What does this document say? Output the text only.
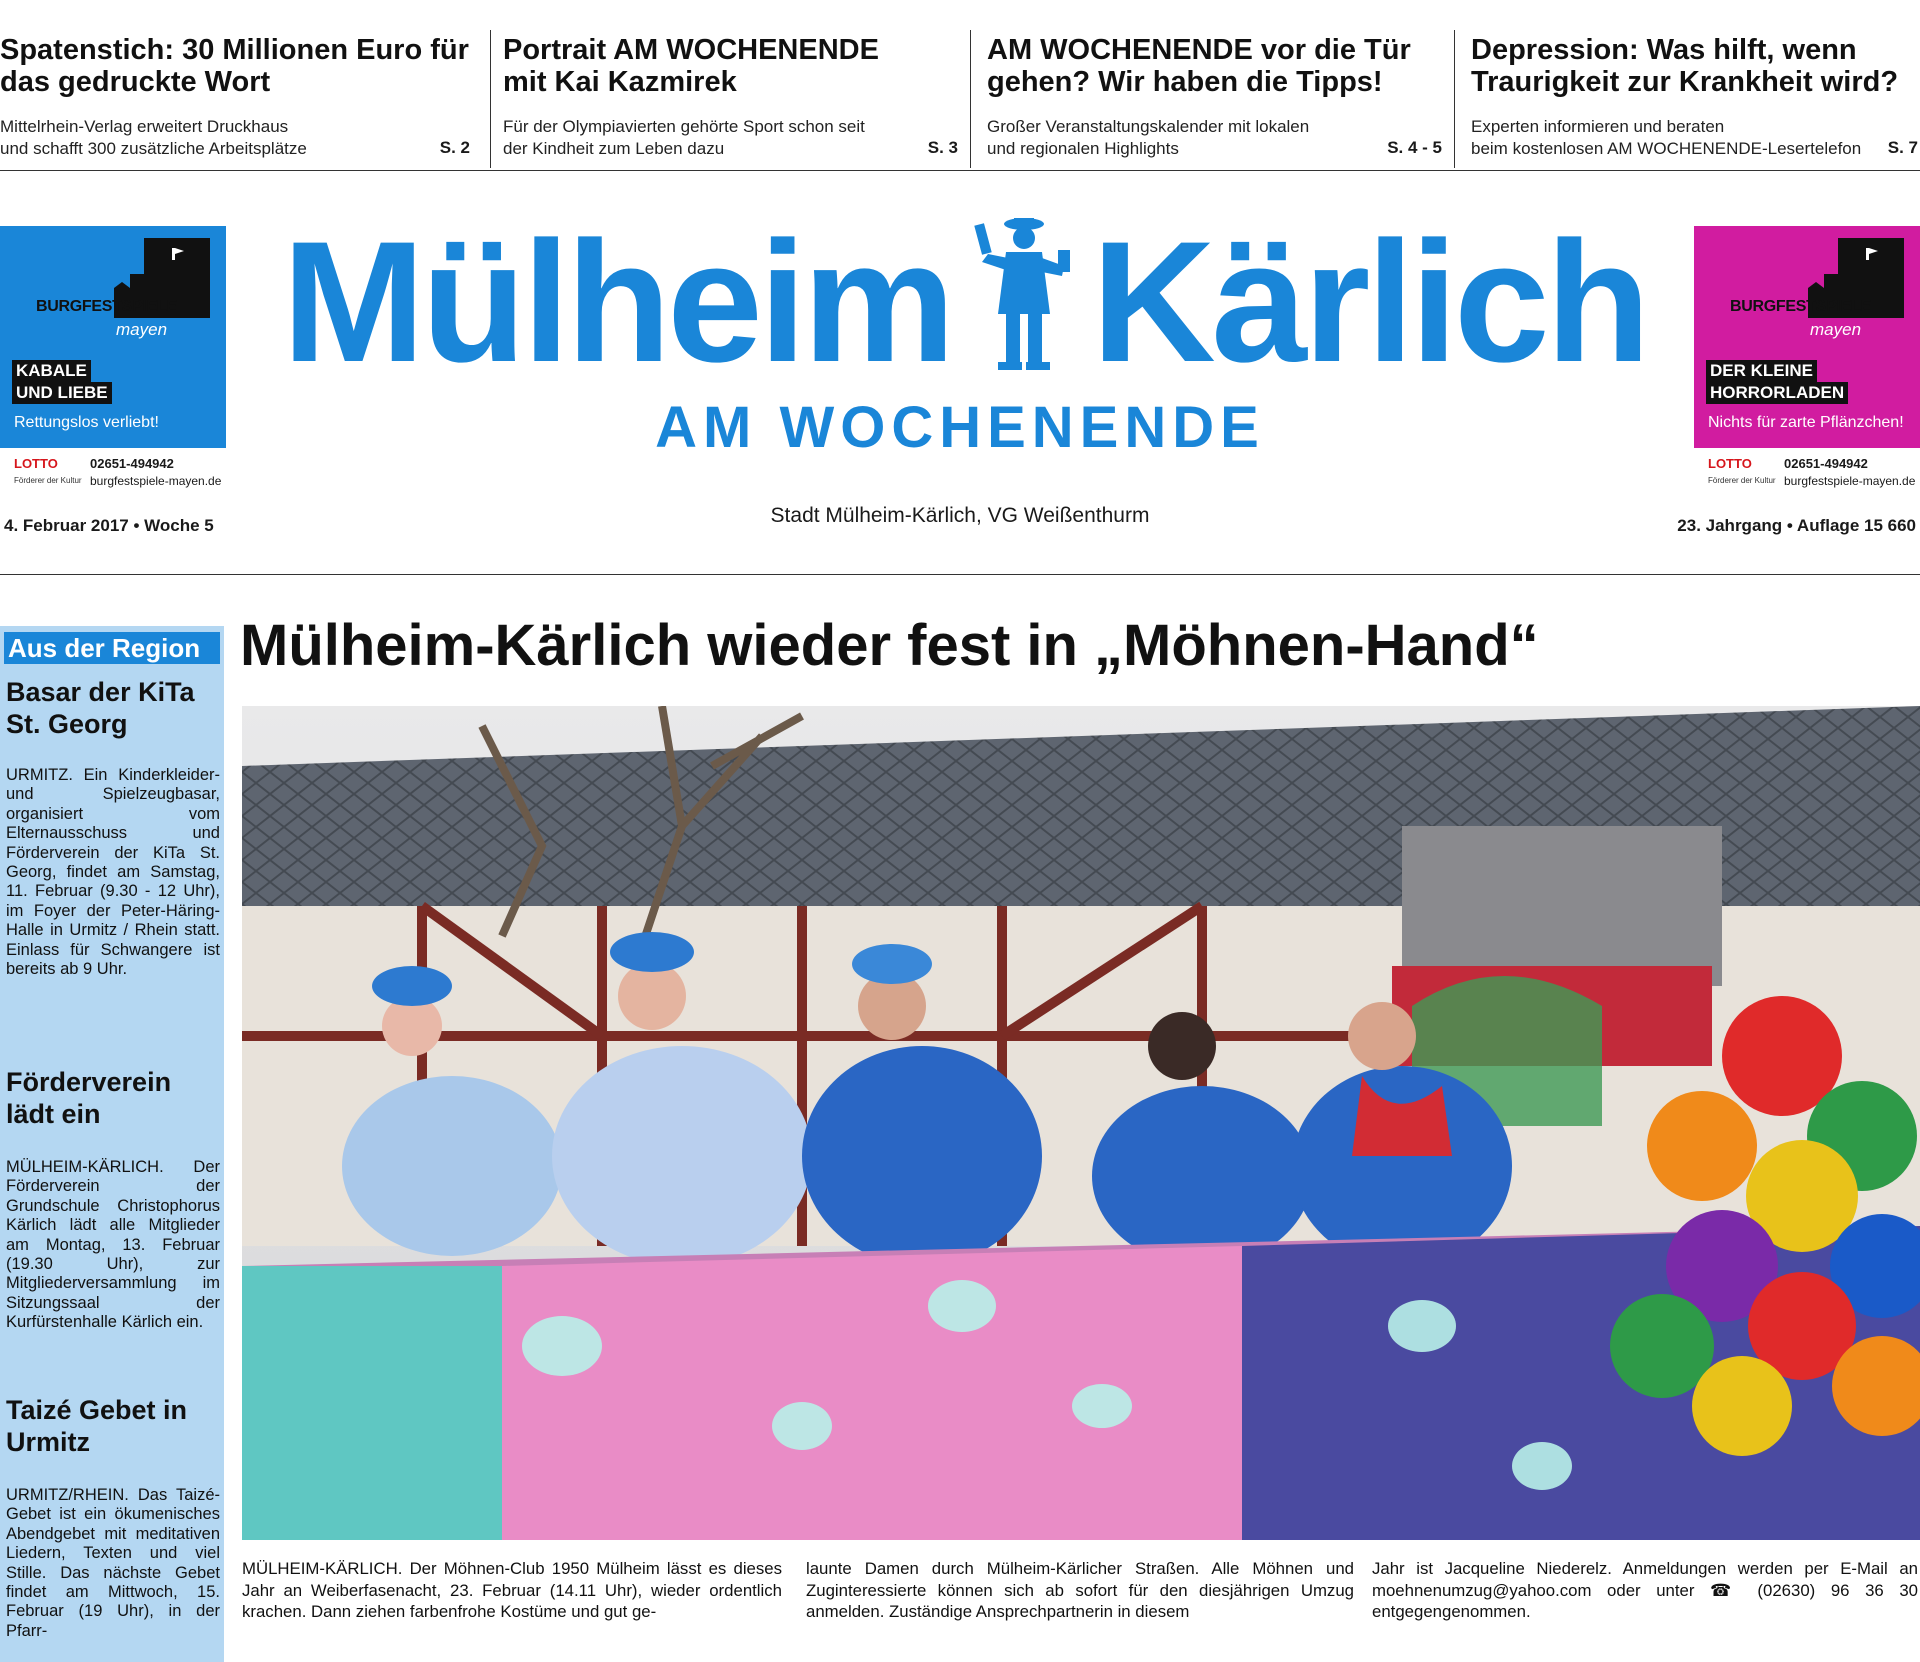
Spatenstich: 30 Millionen Euro für das gedruckte Wort
Mittelrhein-Verlag erweitert Druckhaus
und schafft 300 zusätzliche Arbeitsplätze	S. 2
Portrait AM WOCHENENDE mit Kai Kazmirek
Für der Olympiavierten gehörte Sport schon seit
der Kindheit zum Leben dazu	S. 3
AM WOCHENENDE vor die Tür gehen? Wir haben die Tipps!
Großer Veranstaltungskalender mit lokalen
und regionalen Highlights	S. 4 - 5
Depression: Was hilft, wenn Traurigkeit zur Krankheit wird?
Experten informieren und beraten
beim kostenlosen AM WOCHENENDE-Lesertelefon S. 7
BURGFESTSPIELE
mayen
KABALE
UND LIEBE
Rettungslos verliebt!
LOTTO
Förderer der Kultur
02651-494942
burgfestspiele-mayen.de
BURGFESTSPIELE
mayen
DER KLEINE
HORRORLADEN
Nichts für zarte Pflänzchen!
LOTTO
Förderer der Kultur
02651-494942
burgfestspiele-mayen.de
Mülheim Kärlich
AM WOCHENENDE
4. Februar 2017 • Woche 5	Stadt Mülheim-Kärlich, VG Weißenthurm	23. Jahrgang • Auflage 15 660
Aus der Region
Basar der KiTa St. Georg
URMITZ. Ein Kinderkleider- und Spielzeugbasar, organisiert vom Elternausschuss und Förderverein der KiTa St. Georg, findet am Samstag, 11. Februar (9.30 - 12 Uhr), im Foyer der Peter-Häring-Halle in Urmitz / Rhein statt. Einlass für Schwangere ist bereits ab 9 Uhr.
Förderverein lädt ein
MÜLHEIM-KÄRLICH. Der Förderverein der Grundschule Christophorus Kärlich lädt alle Mitglieder am Montag, 13. Februar (19.30 Uhr), zur Mitgliederversammlung im Sitzungssaal der Kurfürstenhalle Kärlich ein.
Taizé Gebet in Urmitz
URMITZ/RHEIN. Das Taizé-Gebet ist ein ökumenisches Abendgebet mit meditativen Liedern, Texten und viel Stille. Das nächste Gebet findet am Mittwoch, 15. Februar (19 Uhr), in der Pfarr-
Mülheim-Kärlich wieder fest in „Möhnen-Hand“
MÜLHEIM-KÄRLICH. Der Möhnen-Club 1950 Mülheim lässt es dieses Jahr an Weiberfasenacht, 23. Februar (14.11 Uhr), wieder ordentlich krachen. Dann ziehen farbenfrohe Kostüme und gut ge-
launte Damen durch Mülheim-Kärlicher Straßen. Alle Möhnen und Zuginteressierte können sich ab sofort für den diesjährigen Umzug anmelden. Zuständige Ansprechpartnerin in diesem
Jahr ist Jacqueline Niederelz. Anmeldungen werden per E-Mail an moehnenumzug@yahoo.com oder unter ☎ (02630) 96 36 30 entgegengenommen.
